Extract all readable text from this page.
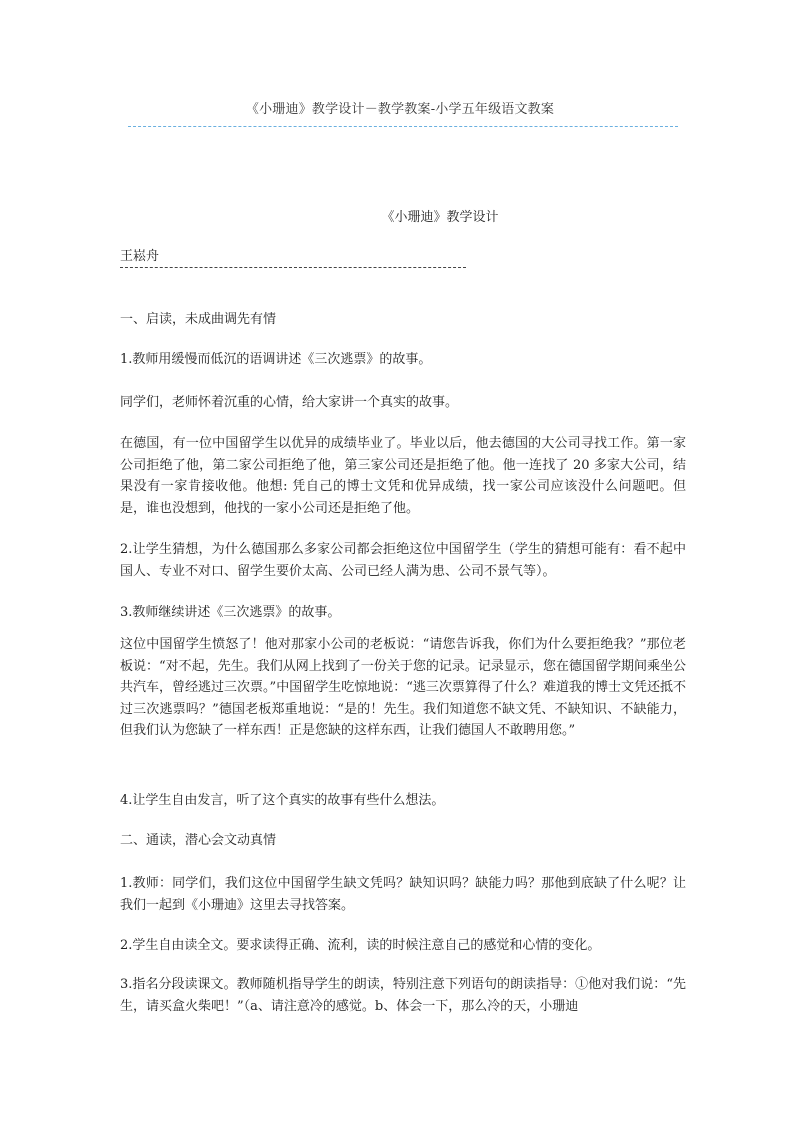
《小珊迪》教学设计－教学教案-小学五年级语文教案
《小珊迪》教学设计
王崧舟

一、启读，未成曲调先有情

1.教师用缓慢而低沉的语调讲述《三次逃票》的故事。

同学们，老师怀着沉重的心情，给大家讲一个真实的故事。

在德国，有一位中国留学生以优异的成绩毕业了。毕业以后，他去德国的大公司寻找工作。第一家公司拒绝了他，第二家公司拒绝了他，第三家公司还是拒绝了他。他一连找了 20 多家大公司，结果没有一家肯接收他。他想: 凭自己的博士文凭和优异成绩，找一家公司应该没什么问题吧。但是，谁也没想到，他找的一家小公司还是拒绝了他。

2.让学生猜想，为什么德国那么多家公司都会拒绝这位中国留学生（学生的猜想可能有：看不起中国人、专业不对口、留学生要价太高、公司已经人满为患、公司不景气等）。

3.教师继续讲述《三次逃票》的故事。

这位中国留学生愤怒了！他对那家小公司的老板说：“请您告诉我，你们为什么要拒绝我？”那位老板说：“对不起，先生。我们从网上找到了一份关于您的记录。记录显示，您在德国留学期间乘坐公共汽车，曾经逃过三次票。”中国留学生吃惊地说：“逃三次票算得了什么？难道我的博士文凭还抵不过三次逃票吗？”德国老板郑重地说：“是的！先生。我们知道您不缺文凭、不缺知识、不缺能力，但我们认为您缺了一样东西！正是您缺的这样东西，让我们德国人不敢聘用您。”

4.让学生自由发言，听了这个真实的故事有些什么想法。

二、通读，潜心会文动真情

1.教师：同学们，我们这位中国留学生缺文凭吗？缺知识吗？缺能力吗？那他到底缺了什么呢？让我们一起到《小珊迪》这里去寻找答案。

2.学生自由读全文。要求读得正确、流利，读的时候注意自己的感觉和心情的变化。

3.指名分段读课文。教师随机指导学生的朗读，特别注意下列语句的朗读指导：①他对我们说：“先生，请买盒火柴吧！”（a、请注意冷的感觉。b、体会一下，那么冷的天，小珊迪
